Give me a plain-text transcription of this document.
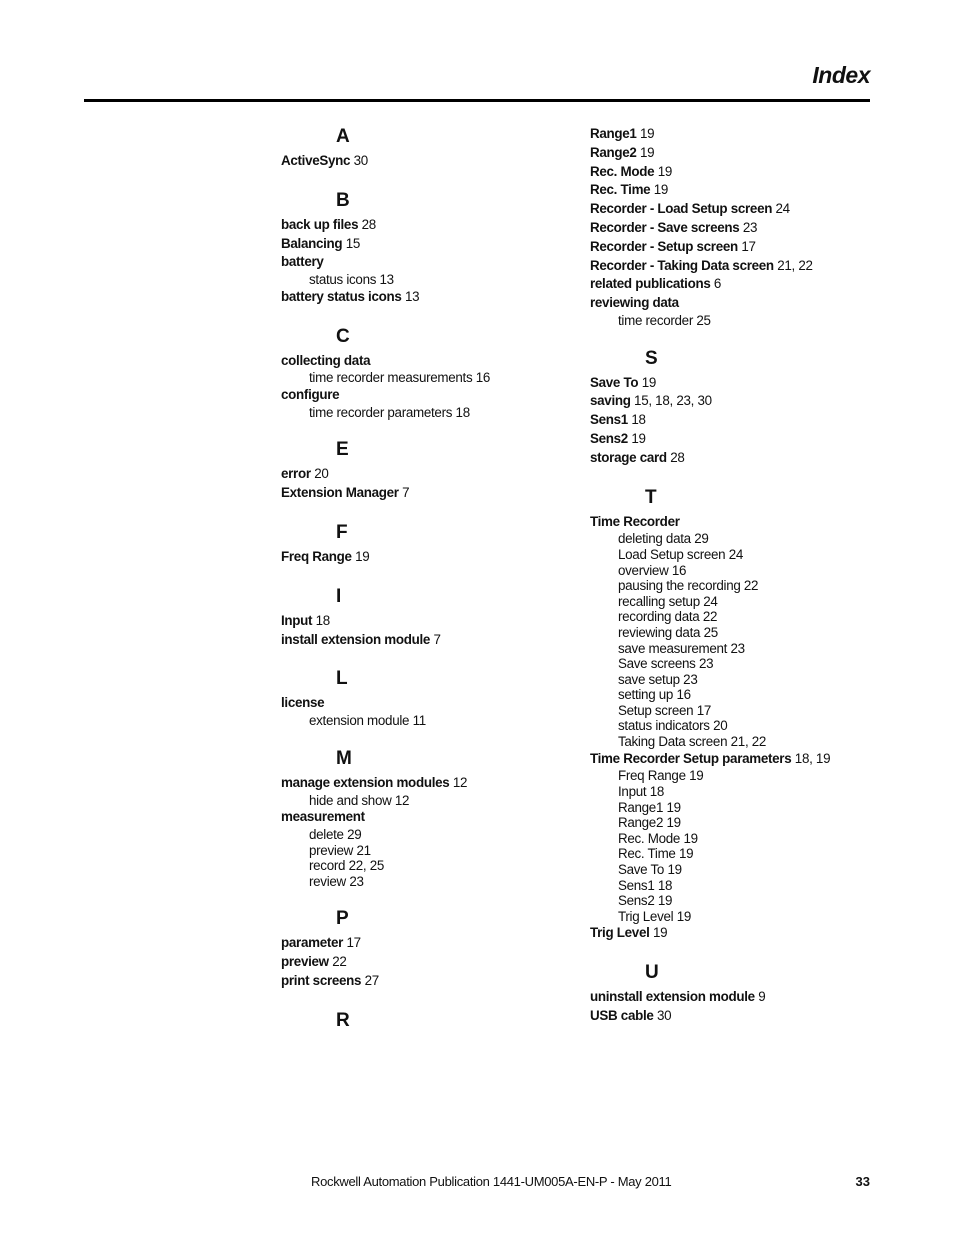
Index
A
ActiveSync 30
B
back up files 28
Balancing 15
battery
status icons 13
battery status icons 13
C
collecting data
time recorder measurements 16
configure
time recorder parameters 18
E
error 20
Extension Manager 7
F
Freq Range 19
I
Input 18
install extension module 7
L
license
extension module 11
M
manage extension modules 12
hide and show 12
measurement
delete 29
preview 21
record 22, 25
review 23
P
parameter 17
preview 22
print screens 27
R
Range1 19
Range2 19
Rec. Mode 19
Rec. Time 19
Recorder - Load Setup screen 24
Recorder - Save screens 23
Recorder - Setup screen 17
Recorder - Taking Data screen 21, 22
related publications 6
reviewing data
time recorder 25
S
Save To 19
saving 15, 18, 23, 30
Sens1 18
Sens2 19
storage card 28
T
Time Recorder
deleting data 29
Load Setup screen 24
overview 16
pausing the recording 22
recalling setup 24
recording data 22
reviewing data 25
save measurement 23
Save screens 23
save setup 23
setting up 16
Setup screen 17
status indicators 20
Taking Data screen 21, 22
Time Recorder Setup parameters 18, 19
Freq Range 19
Input 18
Range1 19
Range2 19
Rec. Mode 19
Rec. Time 19
Save To 19
Sens1 18
Sens2 19
Trig Level 19
Trig Level 19
U
uninstall extension module 9
USB cable 30
Rockwell Automation Publication 1441-UM005A-EN-P - May 2011	33
